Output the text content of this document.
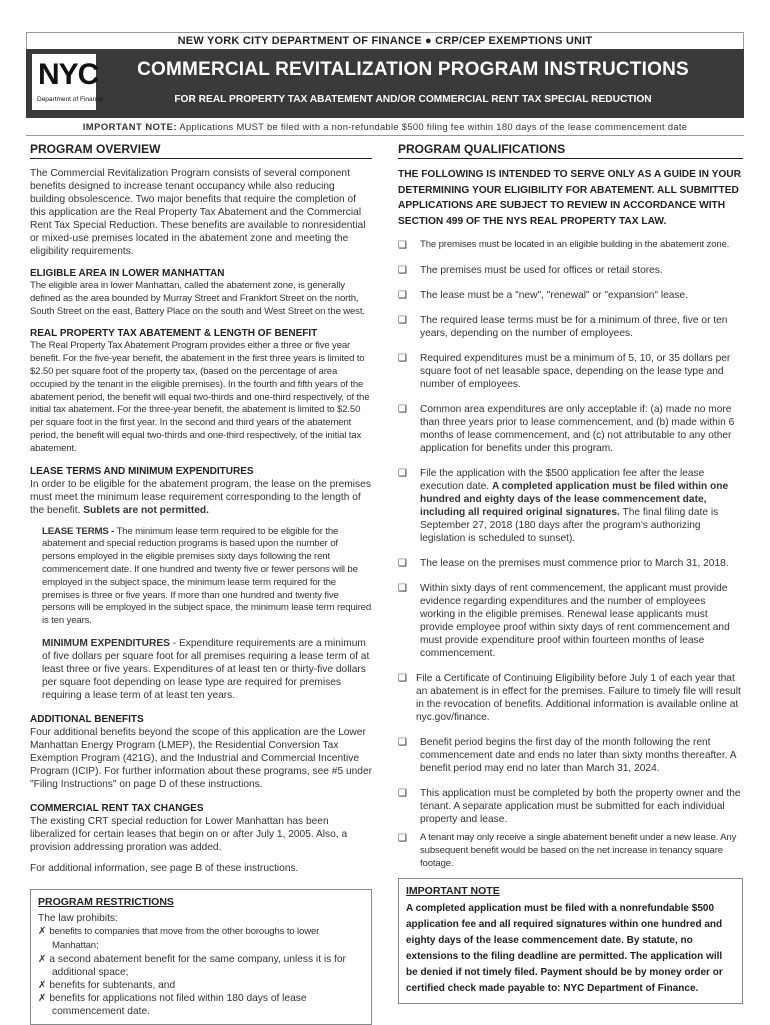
NEW YORK CITY DEPARTMENT OF FINANCE ● CRP/CEP EXEMPTIONS UNIT
NYC
Department of Finance
COMMERCIAL REVITALIZATION PROGRAM INSTRUCTIONS
FOR REAL PROPERTY TAX ABATEMENT AND/OR COMMERCIAL RENT TAX SPECIAL REDUCTION
IMPORTANT NOTE: Applications MUST be filed with a non-refundable $500 filing fee within 180 days of the lease commencement date
PROGRAM OVERVIEW

The Commercial Revitalization Program consists of several component benefits designed to increase tenant occupancy while also reducing building obsolescence. Two major benefits that require the completion of this application are the Real Property Tax Abatement and the Commercial Rent Tax Special Reduction. These benefits are available to nonresidential or mixed-use premises located in the abatement zone and meeting the eligibility requirements.

ELIGIBLE AREA IN LOWER MANHATTAN

The eligible area in lower Manhattan, called the abatement zone, is generally defined as the area bounded by Murray Street and Frankfort Street on the north, South Street on the east, Battery Place on the south and West Street on the west.

REAL PROPERTY TAX ABATEMENT & LENGTH OF BENEFIT

The Real Property Tax Abatement Program provides either a three or five year benefit. For the five-year benefit, the abatement in the first three years is limited to $2.50 per square foot of the property tax, (based on the percentage of area occupied by the tenant in the eligible premises). In the fourth and fifth years of the abatement period, the benefit will equal two-thirds and one-third respectively, of the initial tax abatement. For the three-year benefit, the abatement is limited to $2.50 per square foot in the first year. In the second and third years of the abatement period, the benefit will equal two-thirds and one-third respectively, of the initial tax abatement.

LEASE TERMS AND MINIMUM EXPENDITURES

In order to be eligible for the abatement program, the lease on the premises must meet the minimum lease requirement corresponding to the length of the benefit. Sublets are not permitted.

LEASE TERMS - The minimum lease term required to be eligible for the abatement and special reduction programs is based upon the number of persons employed in the eligible premises sixty days following the rent commencement date. If one hundred and twenty five or fewer persons will be employed in the subject space, the minimum lease term required for the premises is three or five years. If more than one hundred and twenty five persons will be employed in the subject space, the minimum lease term required is ten years.

MINIMUM EXPENDITURES - Expenditure requirements are a minimum of five dollars per square foot for all premises requiring a lease term of at least three or five years. Expenditures of at least ten or thirty-five dollars per square foot depending on lease type are required for premises requiring a lease term of at least ten years.

ADDITIONAL BENEFITS

Four additional benefits beyond the scope of this application are the Lower Manhattan Energy Program (LMEP), the Residential Conversion Tax Exemption Program (421G), and the Industrial and Commercial Incentive Program (ICIP). For further information about these programs, see #5 under "Filing Instructions" on page D of these instructions.

COMMERCIAL RENT TAX CHANGES

The existing CRT special reduction for Lower Manhattan has been liberalized for certain leases that begin on or after July 1, 2005. Also, a provision addressing proration was added.

For additional information, see page B of these instructions.

PROGRAM RESTRICTIONS

The law prohibits:

✗ benefits to companies that move from the other boroughs to lower Manhattan;
✗ a second abatement benefit for the same company, unless it is for additional space;
✗ benefits for subtenants, and
✗ benefits for applications not filed within 180 days of lease commencement date.
PROGRAM QUALIFICATIONS

THE FOLLOWING IS INTENDED TO SERVE ONLY AS A GUIDE IN YOUR DETERMINING YOUR ELIGIBILITY FOR ABATEMENT. ALL SUBMITTED APPLICATIONS ARE SUBJECT TO REVIEW IN ACCORDANCE WITH SECTION 499 OF THE NYS REAL PROPERTY TAX LAW.

❑	The premises must be located in an eligible building in the abatement zone.
❑	The premises must be used for offices or retail stores.
❑	The lease must be a "new", "renewal" or "expansion" lease.
❑	The required lease terms must be for a minimum of three, five or ten years, depending on the number of employees.
❑	Required expenditures must be a minimum of 5, 10, or 35 dollars per square foot of net leasable space, depending on the lease type and number of employees.
❑	Common area expenditures are only acceptable if: (a) made no more than three years prior to lease commencement, and (b) made within 6 months of lease commencement, and (c) not attributable to any other application for benefits under this program.
❑	File the application with the $500 application fee after the lease execution date. A completed application must be filed within one hundred and eighty days of the lease commencement date, including all required original signatures. The final filing date is September 27, 2018 (180 days after the program's authorizing legislation is scheduled to sunset).
❑	The lease on the premises must commence prior to March 31, 2018.
❑	Within sixty days of rent commencement, the applicant must provide evidence regarding expenditures and the number of employees working in the eligible premises. Renewal lease applicants must provide employee proof within sixty days of rent commencement and must provide expenditure proof within fourteen months of lease commencement.
❑ File a Certificate of Continuing Eligibility before July 1 of each year that an abatement is in effect for the premises. Failure to timely file will result in the revocation of benefits. Additional information is available online at nyc.gov/finance.
❑	Benefit period begins the first day of the month following the rent commencement date and ends no later than sixty months thereafter. A benefit period may end no later than March 31, 2024.
❑	This application must be completed by both the property owner and the tenant. A separate application must be submitted for each individual property and lease.
❑	A tenant may only receive a single abatement benefit under a new lease. Any subsequent benefit would be based on the net increase in tenancy square footage.
IMPORTANT NOTE

A completed application must be filed with a nonrefundable $500 application fee and all required signatures within one hundred and eighty days of the lease commencement date. By statute, no extensions to the filing deadline are permitted. The application will be denied if not timely filed. Payment should be by money order or certified check made payable to: NYC Department of Finance.
